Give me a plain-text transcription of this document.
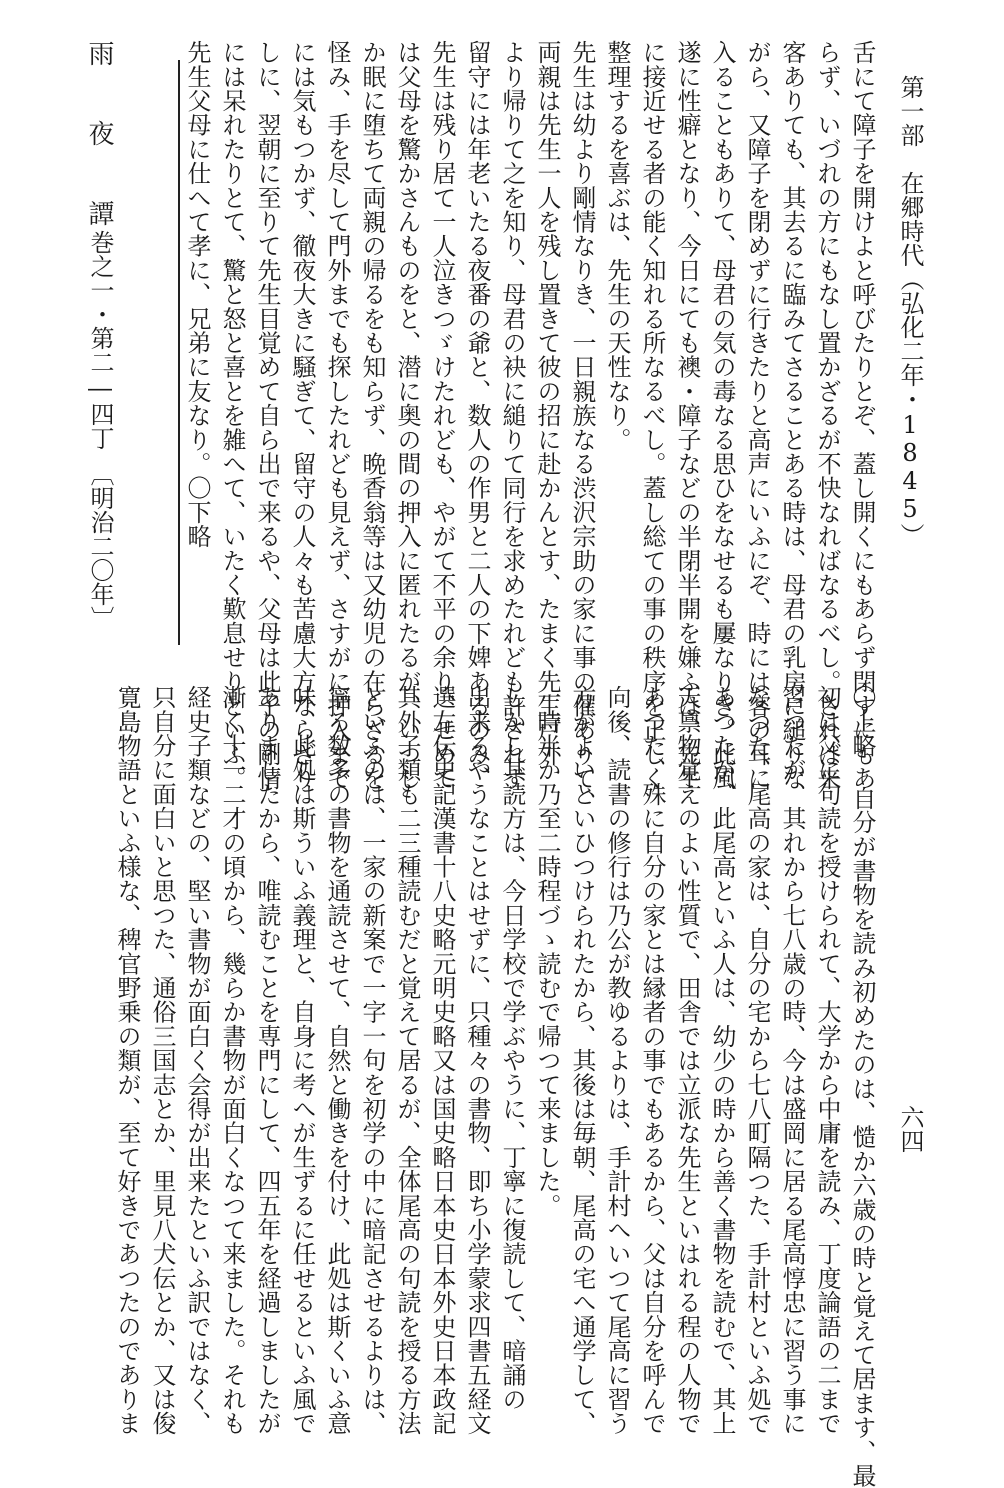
第一部　在郷時代（弘化二年・1845）
六四
舌にて障子を開けよと呼びたりとぞ、蓋し開くにもあらず閉すにもあ
らず、いづれの方にもなし置かざるが不快なればなるべし。されば来
客ありても、其去るに臨みてさることある時は、母君の乳房に縋りな
がら、又障子を閉めずに行きたりと高声にいふにぞ、時には客の耳に
入ることもありて、母君の気の毒なる思ひをなせるも屢なりき。此風
遂に性癖となり、今日にても襖・障子などの半閉半開を嫌ふは、先生
に接近せる者の能く知れる所なるべし。蓋し総ての事の秩序を正しく
整理するを喜ぶは、先生の天性なり。
先生は幼より剛情なりき、一日親族なる渋沢宗助の家に事の催ありて、
両親は先生一人を残し置きて彼の招に赴かんとす、たまく先生戸外
より帰りて之を知り、母君の袂に縋りて同行を求めたれども許されず
留守には年老いたる夜番の爺と、数人の作男と二人の下婢あるのみ、
先生は残り居て一人泣きつゞけたれども、やがて不平の余り、せめて
は父母を驚かさんものをと、潜に奥の間の押入に匿れたるが、いつし
か眠に堕ちて両親の帰るをも知らず、晩香翁等は又幼児の在らざるを
怪み、手を尽して門外までも探したれども見えず、さすがに押入まで
には気もつかず、徹夜大きに騒ぎて、留守の人々も苦慮大方ならざり
しに、翌朝に至りて先生目覚めて自ら出で来るや、父母は此子の剛情
には呆れたりとて、驚と怒と喜とを雑へて、いたく歎息せりといふ。
先生父母に仕へて孝に、兄弟に友なり。〇下略
雨　夜　譚
巻之一・第二―四丁　〔明治二〇年〕
〇上略 自分が書物を読み初めたのは、慥か六歳の時と覚えて居ます、最
初は父に句読を授けられて、大学から中庸を読み、丁度論語の二まで
習つたが、其れから七八歳の時、今は盛岡に居る尾高惇忠に習う事に
なつた、尾高の家は、自分の宅から七八町隔つた、手計村といふ処で
あつたが、此尾高といふ人は、幼少の時から善く書物を読むで、其上
天禀物覚えのよい性質で、田舎では立派な先生といはれる程の人物で
あつた、殊に自分の家とは縁者の事でもあるから、父は自分を呼んで
向後、読書の修行は乃公が教ゆるよりは、手計村へいつて尾高に習う
方がよいといひつけられたから、其後は毎朝、尾高の宅へ通学して、
一時半か乃至二時程づゝ読むで帰つて来ました。
しかし其読方は、今日学校で学ぶやうに、丁寧に復読して、暗誦の
出来るやうなことはせずに、只種々の書物、即ち小学蒙求四書五経文
選左伝史記漢書十八史略元明史略又は国史略日本史日本外史日本政記
其外子類も二三種読むだと覚えて居るが、全体尾高の句読を授る方法
といふのは、一家の新案で一字一句を初学の中に暗記させるよりは、
寧ろ数多の書物を通読させて、自然と働きを付け、此処は斯くいふ意
味、此処は斯ういふ義理と、自身に考へが生ずるに任せるといふ風で
ありましたから、唯読むことを専門にして、四五年を経過しましたが
漸く十一二才の頃から、幾らか書物が面白くなつて来ました。それも
経史子類などの、堅い書物が面白く会得が出来たといふ訳ではなく、
只自分に面白いと思つた、通俗三国志とか、里見八犬伝とか、又は俊
寛島物語といふ様な、稗官野乗の類が、至て好きであつたのでありま
